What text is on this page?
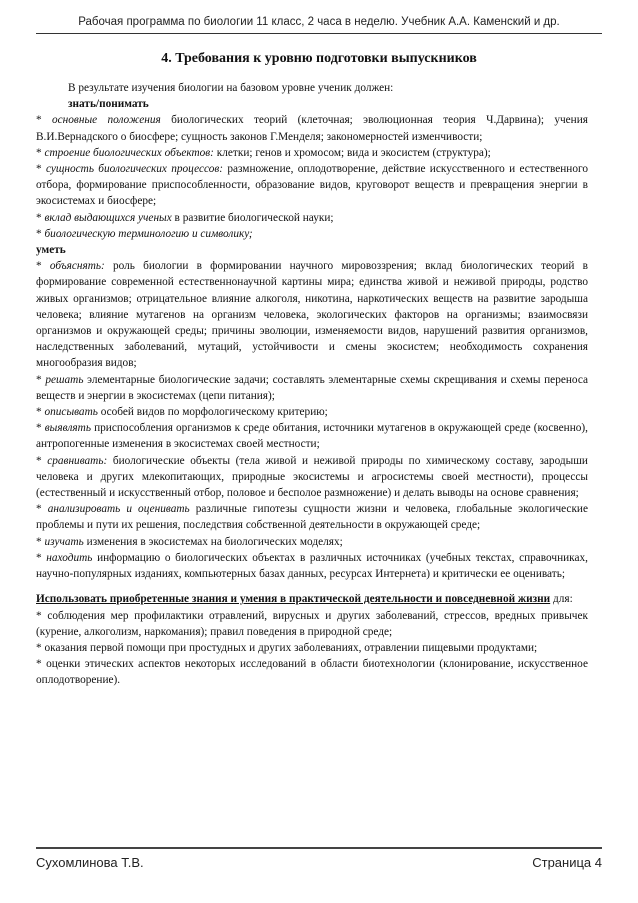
Рабочая программа по биологии 11 класс, 2 часа в неделю. Учебник А.А. Каменский и др.
4. Требования к уровню подготовки выпускников

В результате изучения биологии на базовом уровне ученик должен:

знать/понимать

* основные положения биологических теорий (клеточная; эволюционная теория Ч.Дарвина); учения В.И.Вернадского о биосфере; сущность законов Г.Менделя; закономерностей изменчивости;

* строение биологических объектов: клетки; генов и хромосом; вида и экосистем (структура);

* сущность биологических процессов: размножение, оплодотворение, действие искусственного и естественного отбора, формирование приспособленности, образование видов, круговорот веществ и превращения энергии в экосистемах и биосфере;

* вклад выдающихся ученых в развитие биологической науки;

* биологическую терминологию и символику;

уметь

* объяснять: роль биологии в формировании научного мировоззрения; вклад биологических теорий в формирование современной естественнонаучной картины мира; единства живой и неживой природы, родство живых организмов; отрицательное влияние алкоголя, никотина, наркотических веществ на развитие зародыша человека; влияние мутагенов на организм человека, экологических факторов на организмы; взаимосвязи организмов и окружающей среды; причины эволюции, изменяемости видов, нарушений развития организмов, наследственных заболеваний, мутаций, устойчивости и смены экосистем; необходимость сохранения многообразия видов;

* решать элементарные биологические задачи; составлять элементарные схемы скрещивания и схемы переноса веществ и энергии в экосистемах (цепи питания);

* описывать особей видов по морфологическому критерию;

* выявлять приспособления организмов к среде обитания, источники мутагенов в окружающей среде (косвенно), антропогенные изменения в экосистемах своей местности;

* сравнивать: биологические объекты (тела живой и неживой природы по химическому составу, зародыши человека и других млекопитающих, природные экосистемы и агросистемы своей местности), процессы (естественный и искусственный отбор, половое и бесполое размножение) и делать выводы на основе сравнения;

* анализировать и оценивать различные гипотезы сущности жизни и человека, глобальные экологические проблемы и пути их решения, последствия собственной деятельности в окружающей среде;

* изучать изменения в экосистемах на биологических моделях;

* находить информацию о биологических объектах в различных источниках (учебных текстах, справочниках, научно-популярных изданиях, компьютерных базах данных, ресурсах Интернета) и критически ее оценивать;

Использовать приобретенные знания и умения в практической деятельности и повседневной жизни для:

* соблюдения мер профилактики отравлений, вирусных и других заболеваний, стрессов, вредных привычек (курение, алкоголизм, наркомания); правил поведения в природной среде;

* оказания первой помощи при простудных и других заболеваниях, отравлении пищевыми продуктами;

* оценки этических аспектов некоторых исследований в области биотехнологии (клонирование, искусственное оплодотворение).

Сухомлинова Т.В.	Страница 4
